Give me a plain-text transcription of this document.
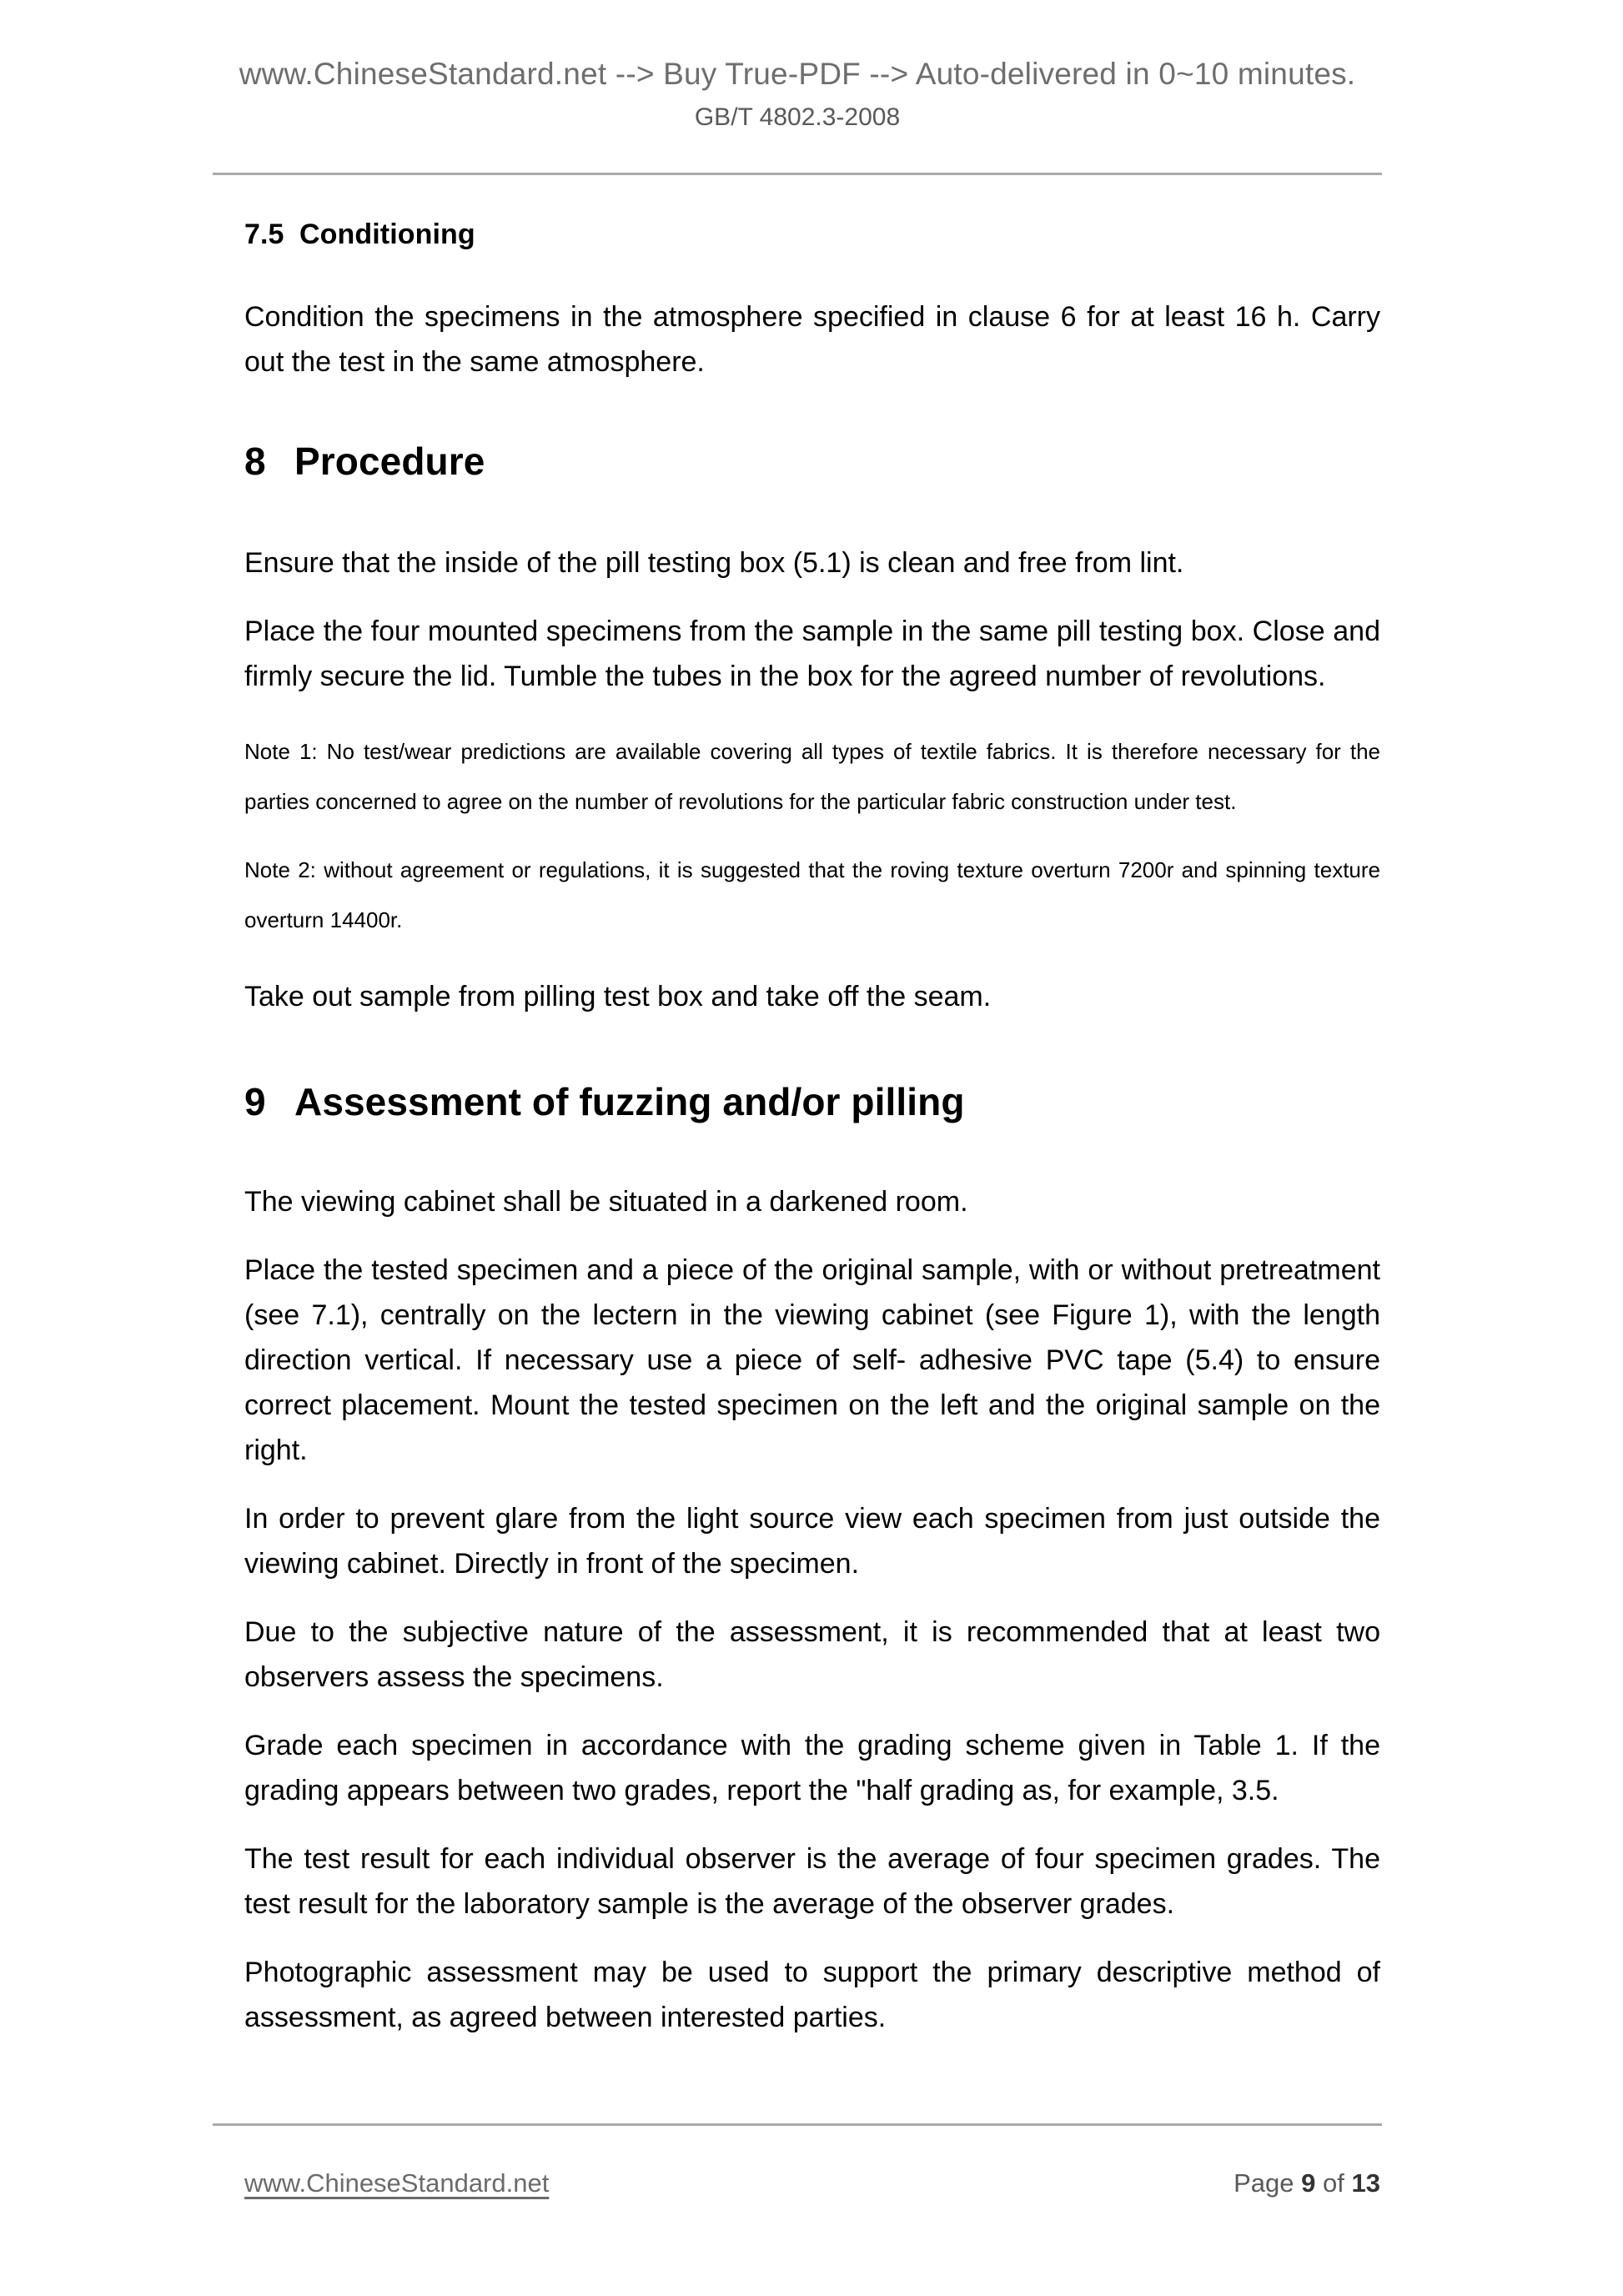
www.ChineseStandard.net --> Buy True-PDF --> Auto-delivered in 0~10 minutes.
GB/T 4802.3-2008
7.5 Conditioning

Condition the specimens in the atmosphere specified in clause 6 for at least 16 h. Carry out the test in the same atmosphere.

8 Procedure

Ensure that the inside of the pill testing box (5.1) is clean and free from lint.

Place the four mounted specimens from the sample in the same pill testing box. Close and firmly secure the lid. Tumble the tubes in the box for the agreed number of revolutions.

Note 1: No test/wear predictions are available covering all types of textile fabrics. It is therefore necessary for the parties concerned to agree on the number of revolutions for the particular fabric construction under test.

Note 2: without agreement or regulations, it is suggested that the roving texture overturn 7200r and spinning texture overturn 14400r.

Take out sample from pilling test box and take off the seam.

9 Assessment of fuzzing and/or pilling

The viewing cabinet shall be situated in a darkened room.

Place the tested specimen and a piece of the original sample, with or without pretreatment (see 7.1), centrally on the lectern in the viewing cabinet (see Figure 1), with the length direction vertical. If necessary use a piece of self- adhesive PVC tape (5.4) to ensure correct placement. Mount the tested specimen on the left and the original sample on the right.

In order to prevent glare from the light source view each specimen from just outside the viewing cabinet. Directly in front of the specimen.

Due to the subjective nature of the assessment, it is recommended that at least two observers assess the specimens.

Grade each specimen in accordance with the grading scheme given in Table 1. If the grading appears between two grades, report the "half grading as, for example, 3.5.

The test result for each individual observer is the average of four specimen grades. The test result for the laboratory sample is the average of the observer grades.

Photographic assessment may be used to support the primary descriptive method of assessment, as agreed between interested parties.

www.ChineseStandard.net	Page 9 of 13
